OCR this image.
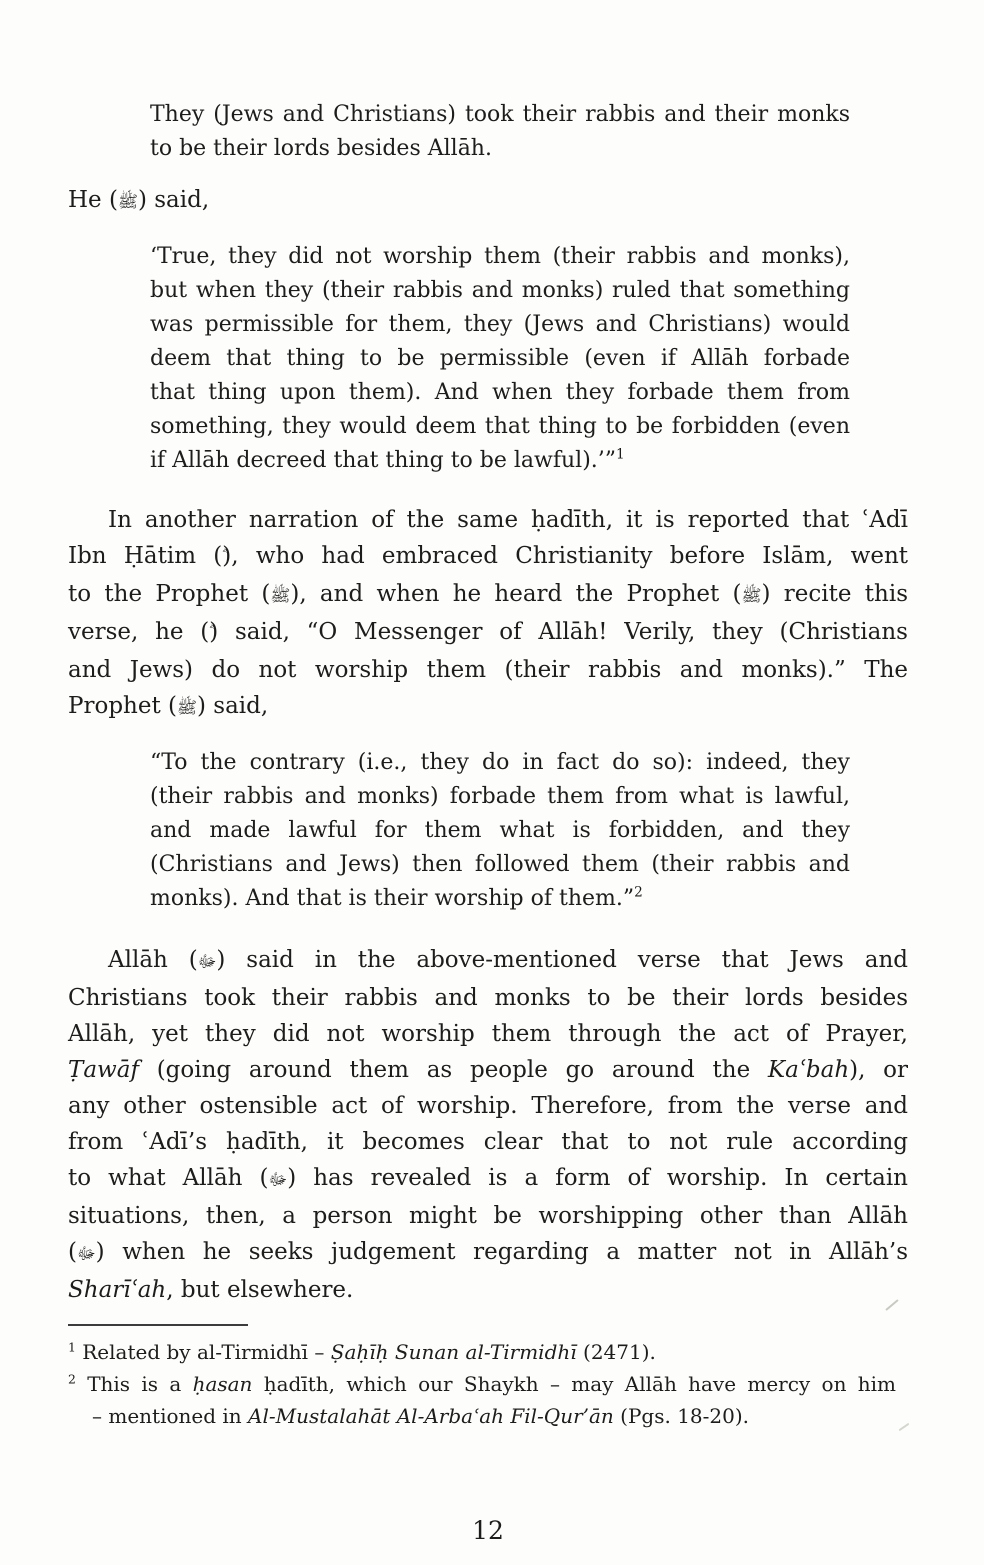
They (Jews and Christians) took their rabbis and their monks
to be their lords besides Allāh.
He (ﷺ) said,
‘True, they did not worship them (their rabbis and monks),
but when they (their rabbis and monks) ruled that something
was permissible for them, they (Jews and Christians) would
deem that thing to be permissible (even if Allāh forbade
that thing upon them). And when they forbade them from
something, they would deem that thing to be forbidden (even
if Allāh decreed that thing to be lawful).’”$^1$
In another narration of the same ḥadīth, it is reported that ʿAdī
Ibn Ḥātim (), who had embraced Christianity before Islām, went
to the Prophet (ﷺ), and when he heard the Prophet (ﷺ) recite this
verse, he () said, “O Messenger of Allāh! Verily, they (Christians
and Jews) do not worship them (their rabbis and monks).” The
Prophet (ﷺ) said,
“To the contrary (i.e., they do in fact do so): indeed, they
(their rabbis and monks) forbade them from what is lawful,
and made lawful for them what is forbidden, and they
(Christians and Jews) then followed them (their rabbis and
monks). And that is their worship of them.”$^2$
Allāh (ﷻ) said in the above-mentioned verse that Jews and
Christians took their rabbis and monks to be their lords besides
Allāh, yet they did not worship them through the act of Prayer,
Ṭawāf (going around them as people go around the Kaʿbah), or
any other ostensible act of worship. Therefore, from the verse and
from ʿAdī’s ḥadīth, it becomes clear that to not rule according
to what Allāh (ﷻ) has revealed is a form of worship. In certain
situations, then, a person might be worshipping other than Allāh
(ﷻ) when he seeks judgement regarding a matter not in Allāh’s
Sharīʿah, but elsewhere.
$^1$ Related by al-Tirmidhī – Ṣaḥīḥ Sunan al-Tirmidhī (2471).
$^2$ This is a ḥasan ḥadīth, which our Shaykh – may Allāh have mercy on him
– mentioned in Al-Mustalahāt Al-Arbaʿah Fil-Qur’ān (Pgs. 18-20).
12
